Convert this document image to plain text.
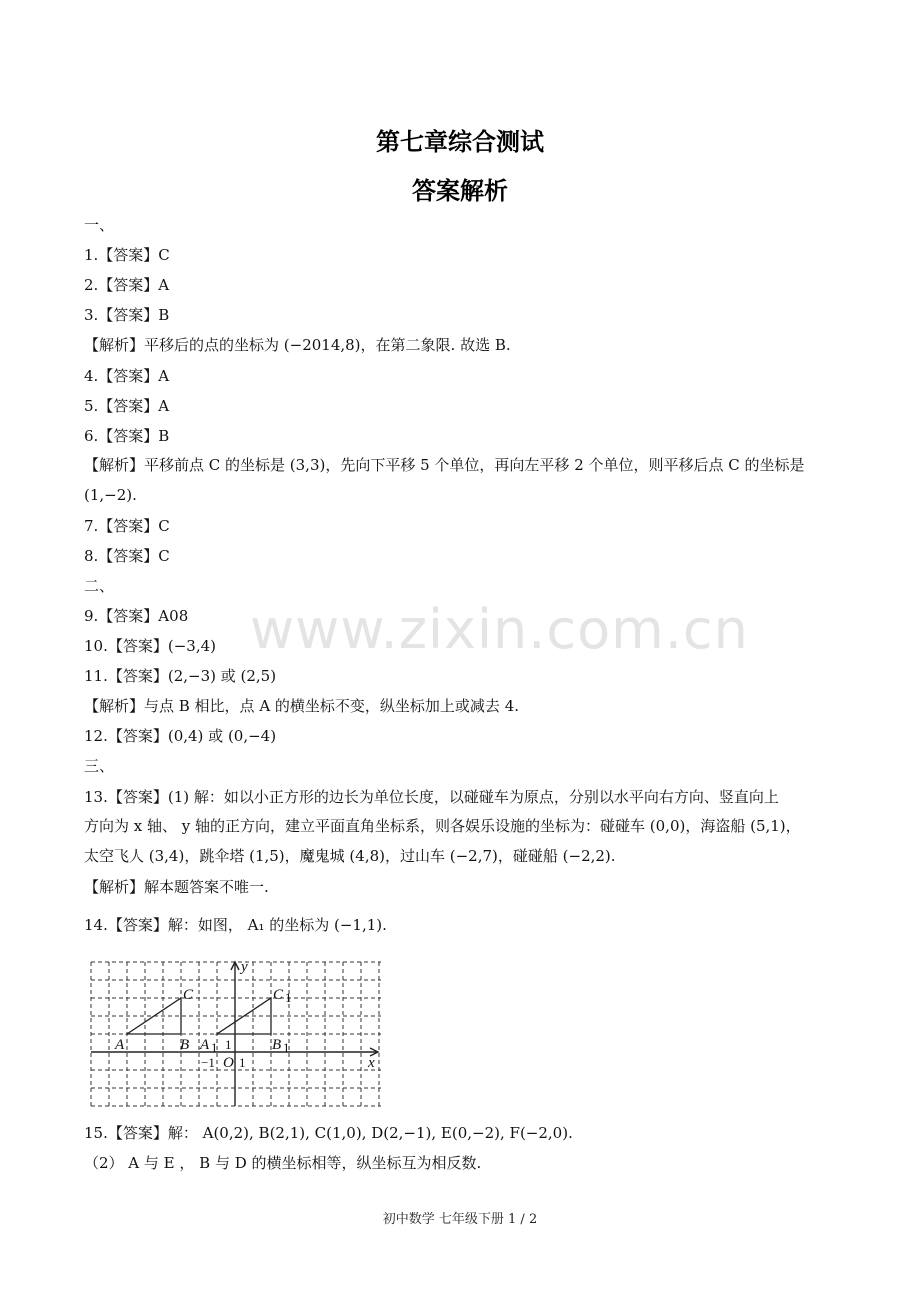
第七章综合测试
答案解析
www.zixin.com.cn
一、
1.【答案】C
2.【答案】A
3.【答案】B
【解析】平移后的点的坐标为 (−2014,8)，在第二象限. 故选 B.
4.【答案】A
5.【答案】A
6.【答案】B
【解析】平移前点 C 的坐标是 (3,3)，先向下平移 5 个单位，再向左平移 2 个单位，则平移后点 C 的坐标是
(1,−2).
7.【答案】C
8.【答案】C
二、
9.【答案】A08
10.【答案】(−3,4)
11.【答案】(2,−3) 或 (2,5)
【解析】与点 B 相比，点 A 的横坐标不变，纵坐标加上或减去 4.
12.【答案】(0,4) 或 (0,−4)
三、
13.【答案】(1) 解：如以小正方形的边长为单位长度，以碰碰车为原点，分别以水平向右方向、竖直向上
方向为 x 轴、 y 轴的正方向，建立平面直角坐标系，则各娱乐设施的坐标为：碰碰车 (0,0)，海盗船 (5,1)，
太空飞人 (3,4)，跳伞塔 (1,5)，魔鬼城 (4,8)，过山车 (−2,7)，碰碰船 (−2,2).
【解析】解本题答案不唯一.
14.【答案】解：如图， A₁ 的坐标为 (−1,1).
A	B
C
A	B
C
y
x
O
1	1
1
1
1
−1
15.【答案】解： A(0,2), B(2,1), C(1,0), D(2,−1), E(0,−2), F(−2,0).
（2） A 与 E ， B 与 D 的横坐标相等，纵坐标互为相反数.
初中数学 七年级下册 1 / 2
